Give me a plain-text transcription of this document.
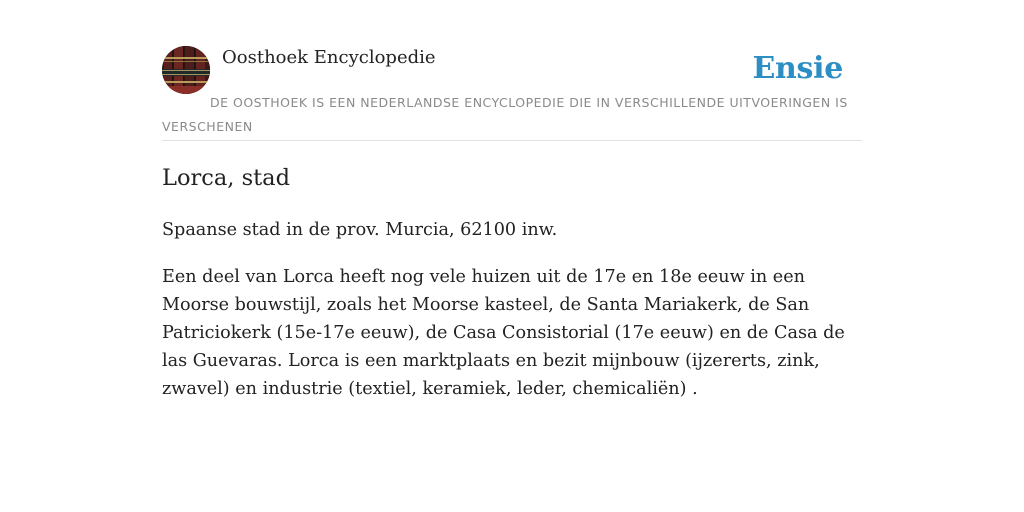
Oosthoek Encyclopedie	Ensie
DE OOSTHOEK IS EEN NEDERLANDSE ENCYCLOPEDIE DIE IN VERSCHILLENDE UITVOERINGEN IS VERSCHENEN
Lorca, stad

Spaanse stad in de prov. Murcia, 62100 inw.

Een deel van Lorca heeft nog vele huizen uit de 17e en 18e eeuw in een Moorse bouwstijl, zoals het Moorse kasteel, de Santa Mariakerk, de San Patriciokerk (15e-17e eeuw), de Casa Consistorial (17e eeuw) en de Casa de las Guevaras. Lorca is een marktplaats en bezit mijnbouw (ijzererts, zink, zwavel) en industrie (textiel, keramiek, leder, chemicaliën) .
